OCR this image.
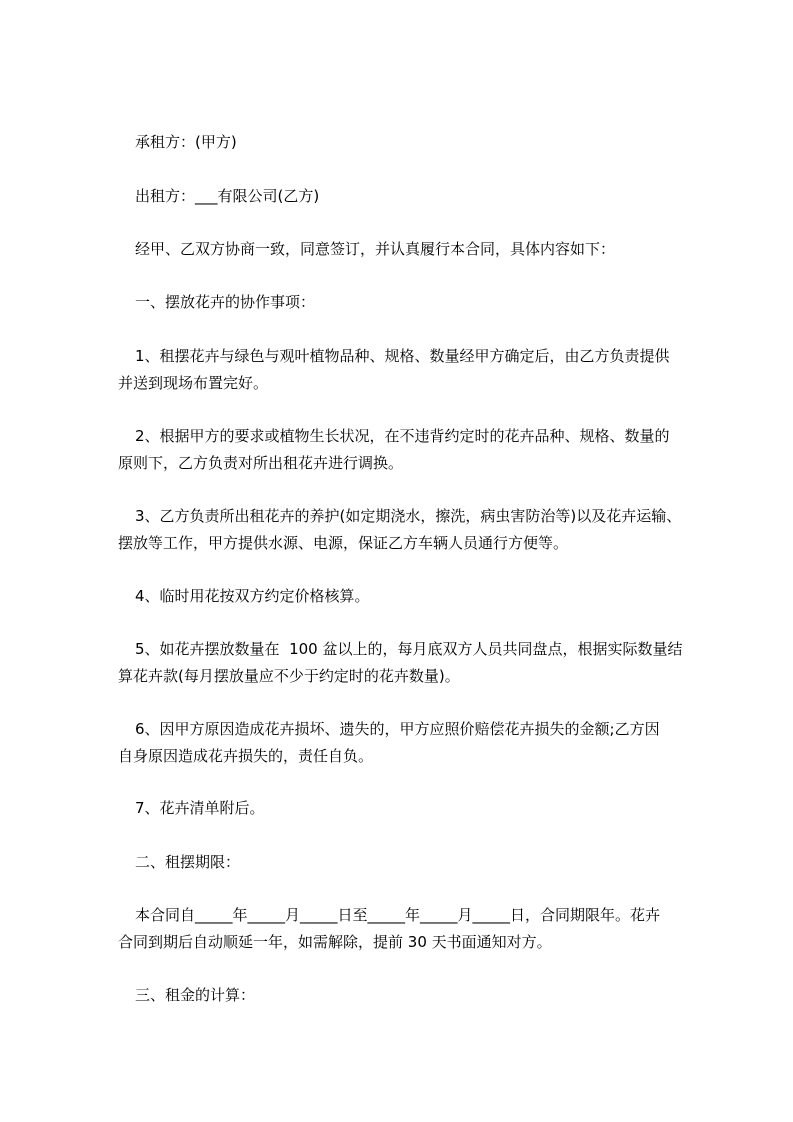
承租方：(甲方)
出租方：___有限公司(乙方)
经甲、乙双方协商一致，同意签订，并认真履行本合同，具体内容如下：
一、摆放花卉的协作事项：
1、租摆花卉与绿色与观叶植物品种、规格、数量经甲方确定后，由乙方负责提供
并送到现场布置完好。
2、根据甲方的要求或植物生长状况，在不违背约定时的花卉品种、规格、数量的
原则下，乙方负责对所出租花卉进行调换。
3、乙方负责所出租花卉的养护(如定期浇水，擦洗，病虫害防治等)以及花卉运输、
摆放等工作，甲方提供水源、电源，保证乙方车辆人员通行方便等。
4、临时用花按双方约定价格核算。
5、如花卉摆放数量在  100 盆以上的，每月底双方人员共同盘点，根据实际数量结
算花卉款(每月摆放量应不少于约定时的花卉数量)。
6、因甲方原因造成花卉损坏、遗失的，甲方应照价赔偿花卉损失的金额;乙方因
自身原因造成花卉损失的，责任自负。
7、花卉清单附后。
二、租摆期限：
本合同自_____年_____月_____日至_____年_____月_____日，合同期限年。花卉
合同到期后自动顺延一年，如需解除，提前 30 天书面通知对方。
三、租金的计算：
